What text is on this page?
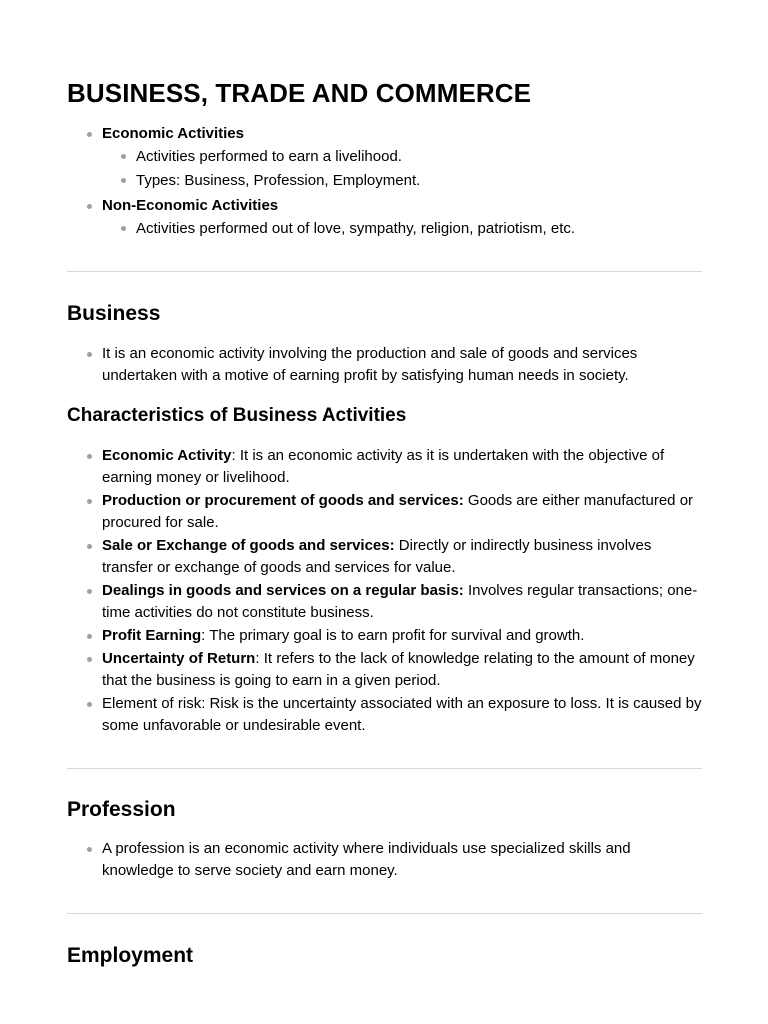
BUSINESS, TRADE AND COMMERCE
Economic Activities
Activities performed to earn a livelihood.
Types: Business, Profession, Employment.
Non-Economic Activities
Activities performed out of love, sympathy, religion, patriotism, etc.
Business
It is an economic activity involving the production and sale of goods and services undertaken with a motive of earning profit by satisfying human needs in society.
Characteristics of Business Activities
Economic Activity: It is an economic activity as it is undertaken with the objective of earning money or livelihood.
Production or procurement of goods and services: Goods are either manufactured or procured for sale.
Sale or Exchange of goods and services: Directly or indirectly business involves transfer or exchange of goods and services for value.
Dealings in goods and services on a regular basis: Involves regular transactions; one-time activities do not constitute business.
Profit Earning: The primary goal is to earn profit for survival and growth.
Uncertainty of Return: It refers to the lack of knowledge relating to the amount of money that the business is going to earn in a given period.
Element of risk: Risk is the uncertainty associated with an exposure to loss. It is caused by some unfavorable or undesirable event.
Profession
A profession is an economic activity where individuals use specialized skills and knowledge to serve society and earn money.
Employment
